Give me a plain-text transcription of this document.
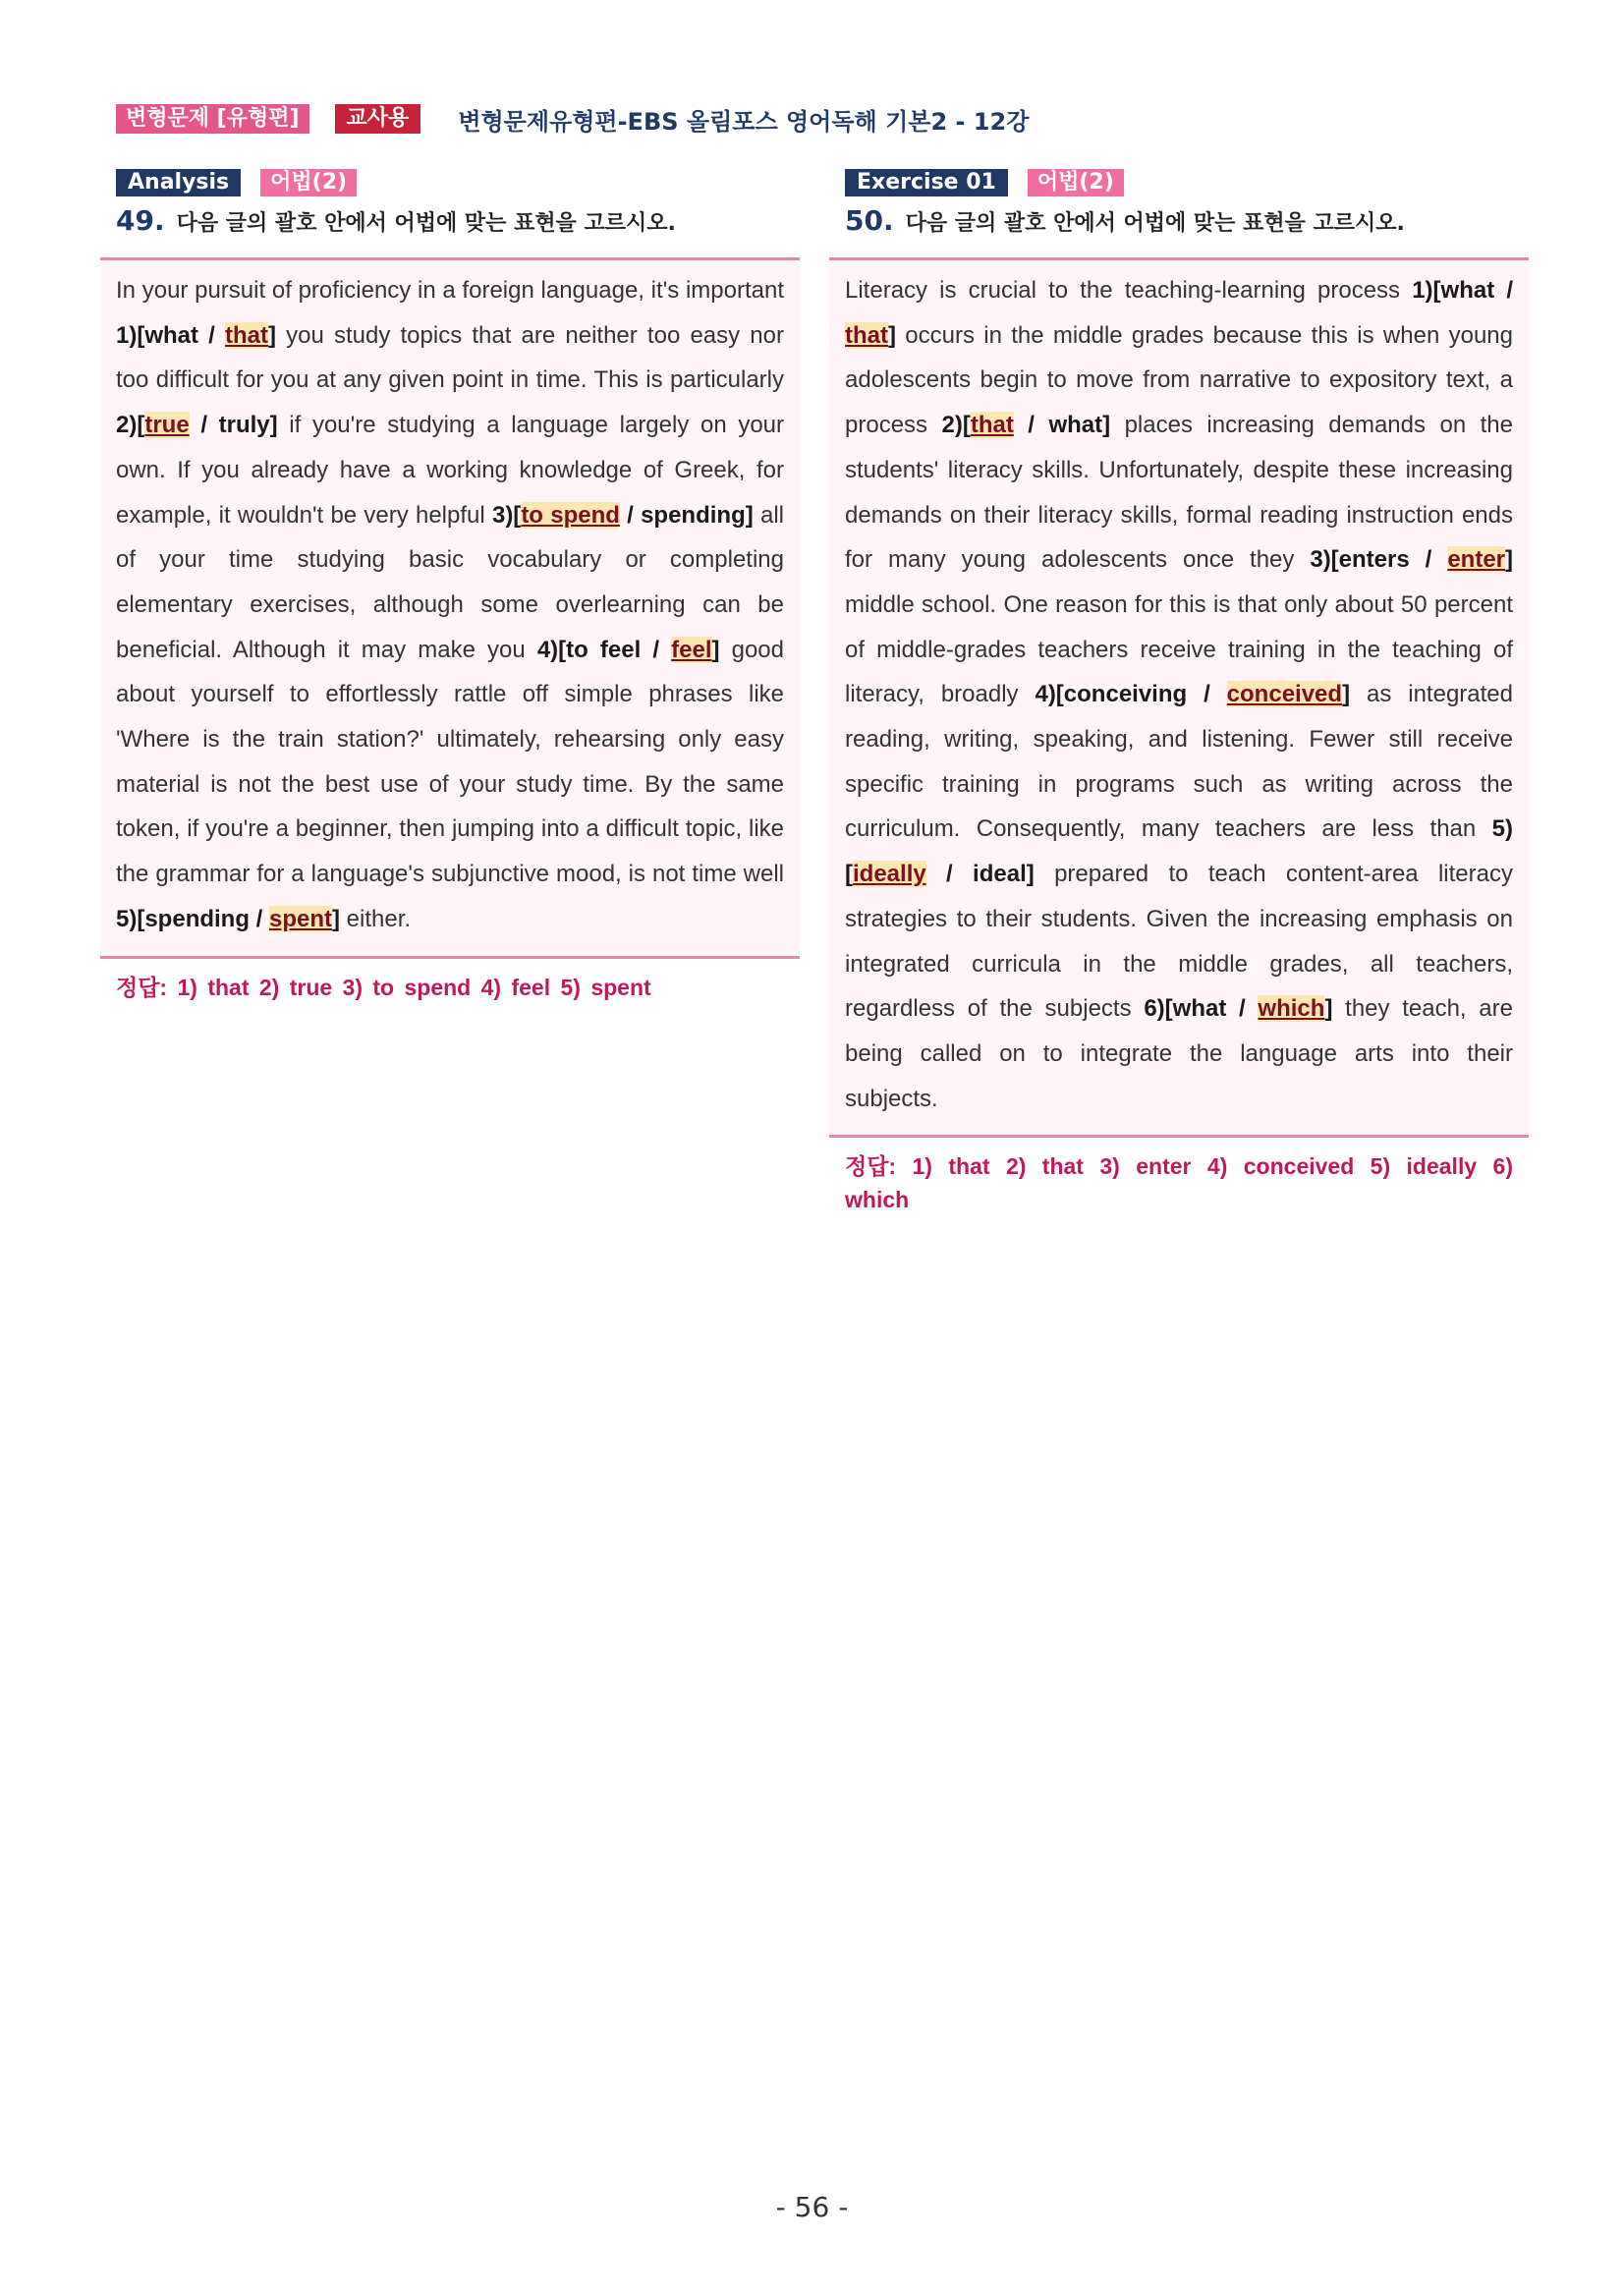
변형문제 [유형편]	교사용	변형문제유형편-EBS 올림포스 영어독해 기본2 - 12강
Analysis	어법(2)
49. 다음 글의 괄호 안에서 어법에 맞는 표현을 고르시오.

In your pursuit of proficiency in a foreign language, it's important 1)[what / that] you study topics that are neither too easy nor too difficult for you at any given point in time. This is particularly 2)[true / truly] if you're studying a language largely on your own. If you already have a working knowledge of Greek, for example, it wouldn't be very helpful 3)[to spend / spending] all of your time studying basic vocabulary or completing elementary exercises, although some overlearning can be beneficial. Although it may make you 4)[to feel / feel] good about yourself to effortlessly rattle off simple phrases like 'Where is the train station?' ultimately, rehearsing only easy material is not the best use of your study time. By the same token, if you're a beginner, then jumping into a difficult topic, like the grammar for a language's subjunctive mood, is not time well 5)[spending / spent] either.

정답: 1) that 2) true 3) to spend 4) feel 5) spent
Exercise 01	어법(2)
50. 다음 글의 괄호 안에서 어법에 맞는 표현을 고르시오.

Literacy is crucial to the teaching-learning process 1)[what / that] occurs in the middle grades because this is when young adolescents begin to move from narrative to expository text, a process 2)[that / what] places increasing demands on the students' literacy skills. Unfortunately, despite these increasing demands on their literacy skills, formal reading instruction ends for many young adolescents once they 3)[enters / enter] middle school. One reason for this is that only about 50 percent of middle-grades teachers receive training in the teaching of literacy, broadly 4)[conceiving / conceived] as integrated reading, writing, speaking, and listening. Fewer still receive specific training in programs such as writing across the curriculum. Consequently, many teachers are less than 5)[ideally / ideal] prepared to teach content-area literacy strategies to their students. Given the increasing emphasis on integrated curricula in the middle grades, all teachers, regardless of the subjects 6)[what / which] they teach, are being called on to integrate the language arts into their subjects.

정답: 1) that 2) that 3) enter 4) conceived 5) ideally 6) which
- 56 -
